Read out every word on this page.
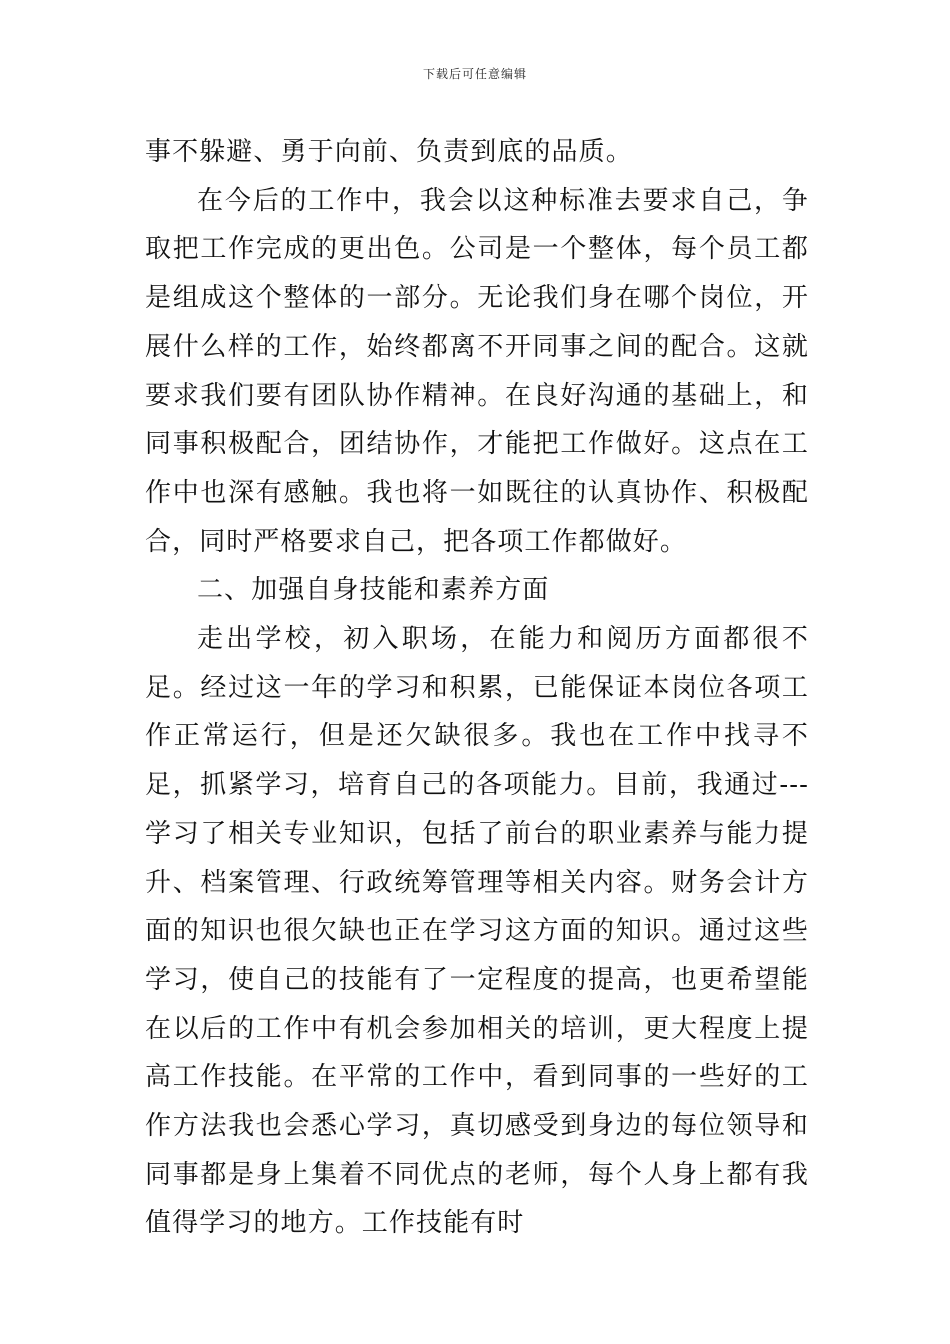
下载后可任意编辑

事不躲避、勇于向前、负责到底的品质。

在今后的工作中，我会以这种标准去要求自己，争取把工作完成的更出色。公司是一个整体，每个员工都是组成这个整体的一部分。无论我们身在哪个岗位，开展什么样的工作，始终都离不开同事之间的配合。这就要求我们要有团队协作精神。在良好沟通的基础上，和同事积极配合，团结协作，才能把工作做好。这点在工作中也深有感触。我也将一如既往的认真协作、积极配合，同时严格要求自己，把各项工作都做好。

二、加强自身技能和素养方面

走出学校，初入职场，在能力和阅历方面都很不足。经过这一年的学习和积累，已能保证本岗位各项工作正常运行，但是还欠缺很多。我也在工作中找寻不足，抓紧学习，培育自己的各项能力。目前，我通过---学习了相关专业知识，包括了前台的职业素养与能力提升、档案管理、行政统筹管理等相关内容。财务会计方面的知识也很欠缺也正在学习这方面的知识。通过这些学习，使自己的技能有了一定程度的提高，也更希望能在以后的工作中有机会参加相关的培训，更大程度上提高工作技能。在平常的工作中，看到同事的一些好的工作方法我也会悉心学习，真切感受到身边的每位领导和同事都是身上集着不同优点的老师，每个人身上都有我值得学习的地方。工作技能有时
